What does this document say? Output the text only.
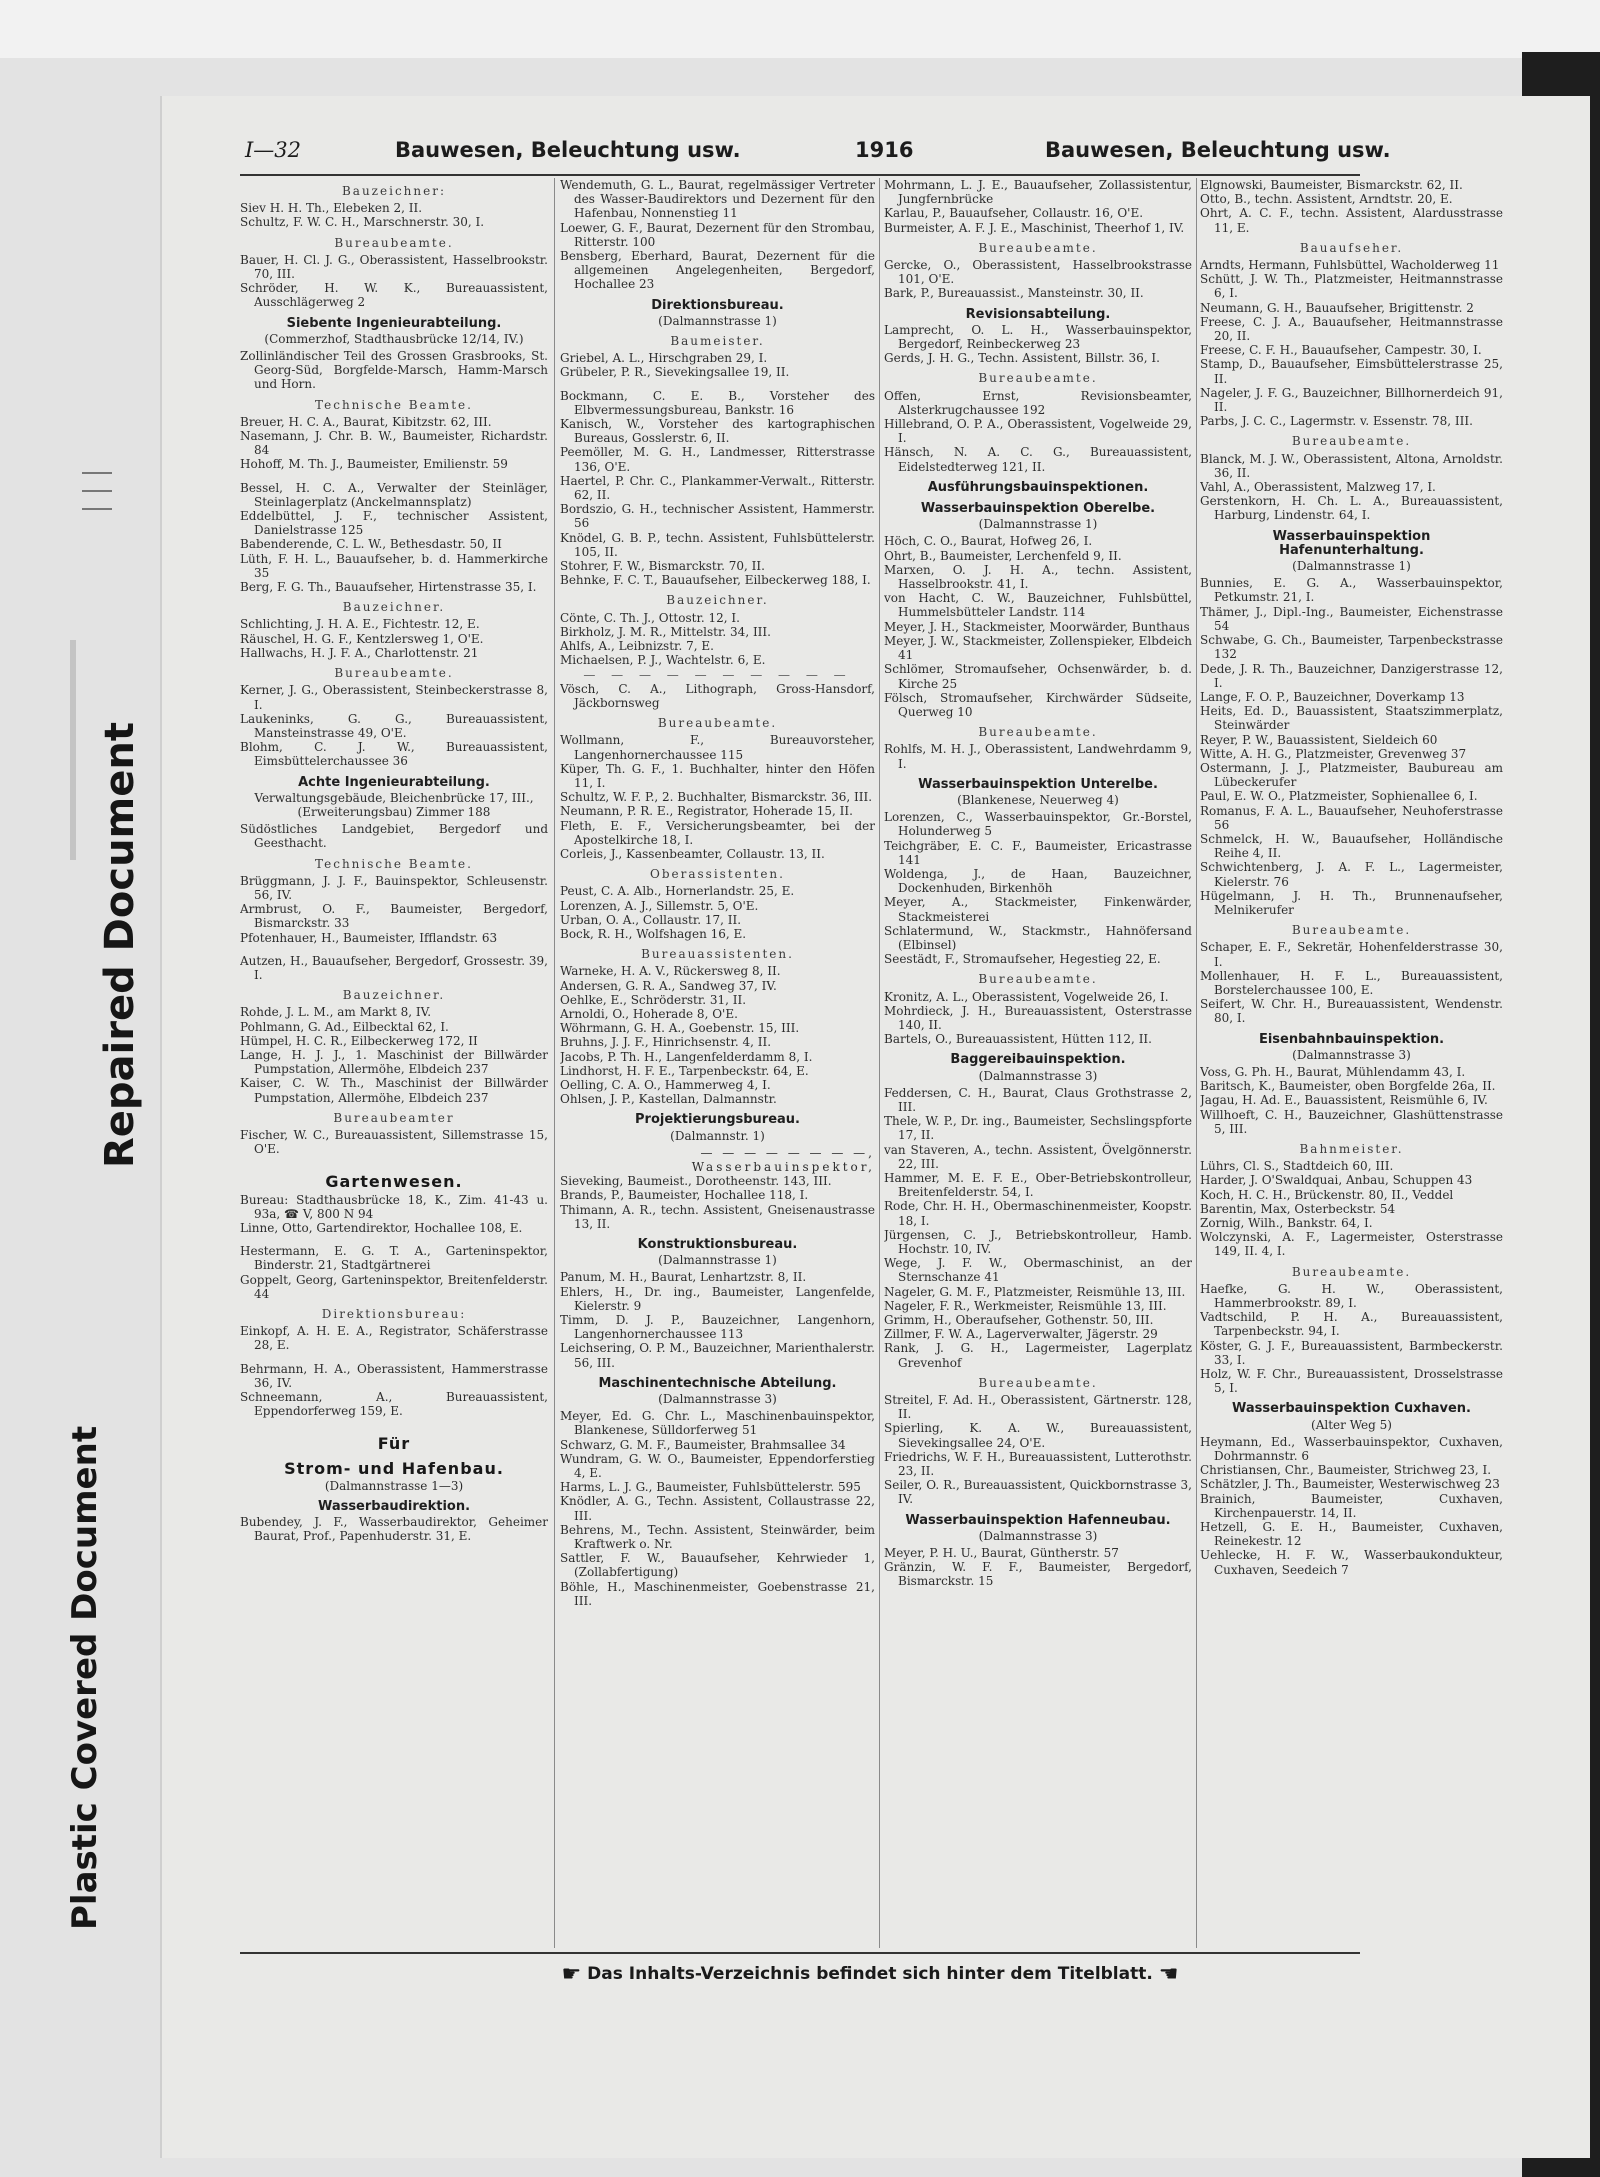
Repaired Document
Plastic Covered Document
I—32	Bauwesen, Beleuchtung usw.	1916	Bauwesen, Beleuchtung usw.
Bauzeichner:

Siev H. H. Th., Elebeken 2, II.

Schultz, F. W. C. H., Marschnerstr. 30, I.

Bureaubeamte.

Bauer, H. Cl. J. G., Oberassistent, Hasselbrookstr. 70, III.

Schröder, H. W. K., Bureauassistent, Ausschlägerweg 2

Siebente Ingenieurabteilung.
(Commerzhof, Stadthausbrücke 12/14, IV.)

Zollinländischer Teil des Grossen Grasbrooks, St. Georg-Süd, Borgfelde-Marsch, Hamm-Marsch und Horn.

Technische Beamte.

Breuer, H. C. A., Baurat, Kibitzstr. 62, III.

Nasemann, J. Chr. B. W., Baumeister, Richardstr. 84

Hohoff, M. Th. J., Baumeister, Emilienstr. 59

Bessel, H. C. A., Verwalter der Steinläger, Steinlagerplatz (Anckelmannsplatz)

Eddelbüttel, J. F., technischer Assistent, Danielstrasse 125

Babenderende, C. L. W., Bethesdastr. 50, II

Lüth, F. H. L., Bauaufseher, b. d. Hammerkirche 35

Berg, F. G. Th., Bauaufseher, Hirtenstrasse 35, I.

Bauzeichner.

Schlichting, J. H. A. E., Fichtestr. 12, E.

Räuschel, H. G. F., Kentzlersweg 1, O'E.

Hallwachs, H. J. F. A., Charlottenstr. 21

Bureaubeamte.

Kerner, J. G., Oberassistent, Steinbeckerstrasse 8, I.

Laukeninks, G. G., Bureauassistent, Mansteinstrasse 49, O'E.

Blohm, C. J. W., Bureauassistent, Eimsbüttelerchaussee 36

Achte Ingenieurabteilung.
Verwaltungsgebäude, Bleichenbrücke 17, III., (Erweiterungsbau) Zimmer 188

Südöstliches Landgebiet, Bergedorf und Geesthacht.

Technische Beamte.

Brüggmann, J. J. F., Bauinspektor, Schleusenstr. 56, IV.

Armbrust, O. F., Baumeister, Bergedorf, Bismarckstr. 33

Pfotenhauer, H., Baumeister, Ifflandstr. 63

Autzen, H., Bauaufseher, Bergedorf, Grossestr. 39, I.

Bauzeichner.

Rohde, J. L. M., am Markt 8, IV.

Pohlmann, G. Ad., Eilbecktal 62, I.

Hümpel, H. C. R., Eilbeckerweg 172, II

Lange, H. J. J., 1. Maschinist der Billwärder Pumpstation, Allermöhe, Elbdeich 237

Kaiser, C. W. Th., Maschinist der Billwärder Pumpstation, Allermöhe, Elbdeich 237

Bureaubeamter

Fischer, W. C., Bureauassistent, Sillemstrasse 15, O'E.

Gartenwesen.

Bureau: Stadthausbrücke 18, K., Zim. 41-43 u. 93a, ☎ V, 800 N 94

Linne, Otto, Gartendirektor, Hochallee 108, E.

Hestermann, E. G. T. A., Garteninspektor, Binderstr. 21, Stadtgärtnerei

Goppelt, Georg, Garteninspektor, Breitenfelderstr. 44

Direktionsbureau:

Einkopf, A. H. E. A., Registrator, Schäferstrasse 28, E.

Behrmann, H. A., Oberassistent, Hammerstrasse 36, IV.

Schneemann, A., Bureauassistent, Eppendorferweg 159, E.

Für
Strom- und Hafenbau.
(Dalmannstrasse 1—3)
Wasserbaudirektion.

Bubendey, J. F., Wasserbaudirektor, Geheimer Baurat, Prof., Papenhuderstr. 31, E.

Wendemuth, G. L., Baurat, regelmässiger Vertreter des Wasser-Baudirektors und Dezernent für den Hafenbau, Nonnenstieg 11

Loewer, G. F., Baurat, Dezernent für den Strombau, Ritterstr. 100

Bensberg, Eberhard, Baurat, Dezernent für die allgemeinen Angelegenheiten, Bergedorf, Hochallee 23

Direktionsbureau.
(Dalmannstrasse 1)
Baumeister.

Griebel, A. L., Hirschgraben 29, I.

Grübeler, P. R., Sievekingsallee 19, II.

Bockmann, C. E. B., Vorsteher des Elbvermessungsbureau, Bankstr. 16

Kanisch, W., Vorsteher des kartographischen Bureaus, Gosslerstr. 6, II.

Peemöller, M. G. H., Landmesser, Ritterstrasse 136, O'E.

Haertel, P. Chr. C., Plankammer-Verwalt., Ritterstr. 62, II.

Bordszio, G. H., technischer Assistent, Hammerstr. 56

Knödel, G. B. P., techn. Assistent, Fuhlsbüttelerstr. 105, II.

Stohrer, F. W., Bismarckstr. 70, II.

Behnke, F. C. T., Bauaufseher, Eilbeckerweg 188, I.

Bauzeichner.

Cönte, C. Th. J., Ottostr. 12, I.

Birkholz, J. M. R., Mittelstr. 34, III.

Ahlfs, A., Leibnizstr. 7, E.

Michaelsen, P. J., Wachtelstr. 6, E.

— — — — — — — — — —

Vösch, C. A., Lithograph, Gross-Hansdorf, Jäckbornsweg

Bureaubeamte.

Wollmann, F., Bureauvorsteher, Langenhornerchaussee 115

Küper, Th. G. F., 1. Buchhalter, hinter den Höfen 11, I.

Schultz, W. F. P., 2. Buchhalter, Bismarckstr. 36, III.

Neumann, P. R. E., Registrator, Hoherade 15, II.

Fleth, E. F., Versicherungsbeamter, bei der Apostelkirche 18, I.

Corleis, J., Kassenbeamter, Collaustr. 13, II.

Oberassistenten.

Peust, C. A. Alb., Hornerlandstr. 25, E.

Lorenzen, A. J., Sillemstr. 5, O'E.

Urban, O. A., Collaustr. 17, II.

Bock, R. H., Wolfshagen 16, E.

Bureauassistenten.

Warneke, H. A. V., Rückersweg 8, II.

Andersen, G. R. A., Sandweg 37, IV.

Oehlke, E., Schröderstr. 31, II.

Arnoldi, O., Hoherade 8, O'E.

Wöhrmann, G. H. A., Goebenstr. 15, III.

Bruhns, J. J. F., Hinrichsenstr. 4, II.

Jacobs, P. Th. H., Langenfelderdamm 8, I.

Lindhorst, H. F. E., Tarpenbeckstr. 64, E.

Oelling, C. A. O., Hammerweg 4, I.

Ohlsen, J. P., Kastellan, Dalmannstr.

Projektierungsbureau.
(Dalmannstr. 1)
— — — — — — — —, Wasserbauinspektor,

Sieveking, Baumeist., Dorotheenstr. 143, III.

Brands, P., Baumeister, Hochallee 118, I.

Thimann, A. R., techn. Assistent, Gneisenaustrasse 13, II.

Konstruktionsbureau.
(Dalmannstrasse 1)

Panum, M. H., Baurat, Lenhartzstr. 8, II.

Ehlers, H., Dr. ing., Baumeister, Langenfelde, Kielerstr. 9

Timm, D. J. P., Bauzeichner, Langenhorn, Langenhornerchaussee 113

Leichsering, O. P. M., Bauzeichner, Marienthalerstr. 56, III.

Maschinentechnische Abteilung.
(Dalmannstrasse 3)

Meyer, Ed. G. Chr. L., Maschinenbauinspektor, Blankenese, Sülldorferweg 51

Schwarz, G. M. F., Baumeister, Brahmsallee 34

Wundram, G. W. O., Baumeister, Eppendorferstieg 4, E.

Harms, L. J. G., Baumeister, Fuhlsbüttelerstr. 595

Knödler, A. G., Techn. Assistent, Collaustrasse 22, III.

Behrens, M., Techn. Assistent, Steinwärder, beim Kraftwerk o. Nr.

Sattler, F. W., Bauaufseher, Kehrwieder 1, (Zollabfertigung)

Böhle, H., Maschinenmeister, Goebenstrasse 21, III.

Mohrmann, L. J. E., Bauaufseher, Zollassistentur, Jungfernbrücke

Karlau, P., Bauaufseher, Collaustr. 16, O'E.

Burmeister, A. F. J. E., Maschinist, Theerhof 1, IV.

Bureaubeamte.

Gercke, O., Oberassistent, Hasselbrookstrasse 101, O'E.

Bark, P., Bureauassist., Mansteinstr. 30, II.

Revisionsabteilung.

Lamprecht, O. L. H., Wasserbauinspektor, Bergedorf, Reinbeckerweg 23

Gerds, J. H. G., Techn. Assistent, Billstr. 36, I.

Bureaubeamte.

Offen, Ernst, Revisionsbeamter, Alsterkrugchaussee 192

Hillebrand, O. P. A., Oberassistent, Vogelweide 29, I.

Hänsch, N. A. C. G., Bureauassistent, Eidelstedterweg 121, II.

Ausführungsbauinspektionen.
Wasserbauinspektion Oberelbe.
(Dalmannstrasse 1)

Höch, C. O., Baurat, Hofweg 26, I.

Ohrt, B., Baumeister, Lerchenfeld 9, II.

Marxen, O. J. H. A., techn. Assistent, Hasselbrookstr. 41, I.

von Hacht, C. W., Bauzeichner, Fuhlsbüttel, Hummelsbütteler Landstr. 114

Meyer, J. H., Stackmeister, Moorwärder, Bunthaus

Meyer, J. W., Stackmeister, Zollenspieker, Elbdeich 41

Schlömer, Stromaufseher, Ochsenwärder, b. d. Kirche 25

Fölsch, Stromaufseher, Kirchwärder Südseite, Querweg 10

Bureaubeamte.

Rohlfs, M. H. J., Oberassistent, Landwehrdamm 9, I.

Wasserbauinspektion Unterelbe.
(Blankenese, Neuerweg 4)

Lorenzen, C., Wasserbauinspektor, Gr.-Borstel, Holunderweg 5

Teichgräber, E. C. F., Baumeister, Ericastrasse 141

Woldenga, J., de Haan, Bauzeichner, Dockenhuden, Birkenhöh

Meyer, A., Stackmeister, Finkenwärder, Stackmeisterei

Schlatermund, W., Stackmstr., Hahnöfersand (Elbinsel)

Seestädt, F., Stromaufseher, Hegestieg 22, E.

Bureaubeamte.

Kronitz, A. L., Oberassistent, Vogelweide 26, I.

Mohrdieck, J. H., Bureauassistent, Osterstrasse 140, II.

Bartels, O., Bureauassistent, Hütten 112, II.

Baggereibauinspektion.
(Dalmannstrasse 3)

Feddersen, C. H., Baurat, Claus Grothstrasse 2, III.

Thele, W. P., Dr. ing., Baumeister, Sechslingspforte 17, II.

van Staveren, A., techn. Assistent, Övelgönnerstr. 22, III.

Hammer, M. E. F. E., Ober-Betriebskontrolleur, Breitenfelderstr. 54, I.

Rode, Chr. H. H., Obermaschinenmeister, Koopstr. 18, I.

Jürgensen, C. J., Betriebskontrolleur, Hamb. Hochstr. 10, IV.

Wege, J. F. W., Obermaschinist, an der Sternschanze 41

Nageler, G. M. F., Platzmeister, Reismühle 13, III.

Nageler, F. R., Werkmeister, Reismühle 13, III.

Grimm, H., Oberaufseher, Gothenstr. 50, III.

Zillmer, F. W. A., Lagerverwalter, Jägerstr. 29

Rank, J. G. H., Lagermeister, Lagerplatz Grevenhof

Bureaubeamte.

Streitel, F. Ad. H., Oberassistent, Gärtnerstr. 128, II.

Spierling, K. A. W., Bureauassistent, Sievekingsallee 24, O'E.

Friedrichs, W. F. H., Bureauassistent, Lutterothstr. 23, II.

Seiler, O. R., Bureauassistent, Quickbornstrasse 3, IV.

Wasserbauinspektion Hafenneubau.
(Dalmannstrasse 3)

Meyer, P. H. U., Baurat, Güntherstr. 57

Gränzin, W. F. F., Baumeister, Bergedorf, Bismarckstr. 15

Elgnowski, Baumeister, Bismarckstr. 62, II.

Otto, B., techn. Assistent, Arndtstr. 20, E.

Ohrt, A. C. F., techn. Assistent, Alardusstrasse 11, E.

Bauaufseher.

Arndts, Hermann, Fuhlsbüttel, Wacholderweg 11

Schütt, J. W. Th., Platzmeister, Heitmannstrasse 6, I.

Neumann, G. H., Bauaufseher, Brigittenstr. 2

Freese, C. J. A., Bauaufseher, Heitmannstrasse 20, II.

Freese, C. F. H., Bauaufseher, Campestr. 30, I.

Stamp, D., Bauaufseher, Eimsbüttelerstrasse 25, II.

Nageler, J. F. G., Bauzeichner, Billhornerdeich 91, II.

Parbs, J. C. C., Lagermstr. v. Essenstr. 78, III.

Bureaubeamte.

Blanck, M. J. W., Oberassistent, Altona, Arnoldstr. 36, II.

Vahl, A., Oberassistent, Malzweg 17, I.

Gerstenkorn, H. Ch. L. A., Bureauassistent, Harburg, Lindenstr. 64, I.

Wasserbauinspektion Hafenunterhaltung.
(Dalmannstrasse 1)

Bunnies, E. G. A., Wasserbauinspektor, Petkumstr. 21, I.

Thämer, J., Dipl.-Ing., Baumeister, Eichenstrasse 54

Schwabe, G. Ch., Baumeister, Tarpenbeckstrasse 132

Dede, J. R. Th., Bauzeichner, Danzigerstrasse 12, I.

Lange, F. O. P., Bauzeichner, Doverkamp 13

Heits, Ed. D., Bauassistent, Staatszimmerplatz, Steinwärder

Reyer, P. W., Bauassistent, Sieldeich 60

Witte, A. H. G., Platzmeister, Grevenweg 37

Ostermann, J. J., Platzmeister, Baubureau am Lübeckerufer

Paul, E. W. O., Platzmeister, Sophienallee 6, I.

Romanus, F. A. L., Bauaufseher, Neuhoferstrasse 56

Schmelck, H. W., Bauaufseher, Holländische Reihe 4, II.

Schwichtenberg, J. A. F. L., Lagermeister, Kielerstr. 76

Hügelmann, J. H. Th., Brunnenaufseher, Melnikerufer

Bureaubeamte.

Schaper, E. F., Sekretär, Hohenfelderstrasse 30, I.

Mollenhauer, H. F. L., Bureauassistent, Borstelerchaussee 100, E.

Seifert, W. Chr. H., Bureauassistent, Wendenstr. 80, I.

Eisenbahnbauinspektion.
(Dalmannstrasse 3)

Voss, G. Ph. H., Baurat, Mühlendamm 43, I.

Baritsch, K., Baumeister, oben Borgfelde 26a, II.

Jagau, H. Ad. E., Bauassistent, Reismühle 6, IV.

Willhoeft, C. H., Bauzeichner, Glashüttenstrasse 5, III.

Bahnmeister.

Lührs, Cl. S., Stadtdeich 60, III.

Harder, J. O'Swaldquai, Anbau, Schuppen 43

Koch, H. C. H., Brückenstr. 80, II., Veddel

Barentin, Max, Osterbeckstr. 54

Zornig, Wilh., Bankstr. 64, I.

Wolczynski, A. F., Lagermeister, Osterstrasse 149, II. 4, I.

Bureaubeamte.

Haefke, G. H. W., Oberassistent, Hammerbrookstr. 89, I.

Vadtschild, P. H. A., Bureauassistent, Tarpenbeckstr. 94, I.

Köster, G. J. F., Bureauassistent, Barmbeckerstr. 33, I.

Holz, W. F. Chr., Bureauassistent, Drosselstrasse 5, I.

Wasserbauinspektion Cuxhaven.
(Alter Weg 5)

Heymann, Ed., Wasserbauinspektor, Cuxhaven, Dohrmannstr. 6

Christiansen, Chr., Baumeister, Strichweg 23, I.

Schätzler, J. Th., Baumeister, Westerwischweg 23

Brainich, Baumeister, Cuxhaven, Kirchenpauerstr. 14, II.

Hetzell, G. E. H., Baumeister, Cuxhaven, Reinekestr. 12

Uehlecke, H. F. W., Wasserbaukondukteur, Cuxhaven, Seedeich 7

☛ Das Inhalts-Verzeichnis befindet sich hinter dem Titelblatt. ☚
